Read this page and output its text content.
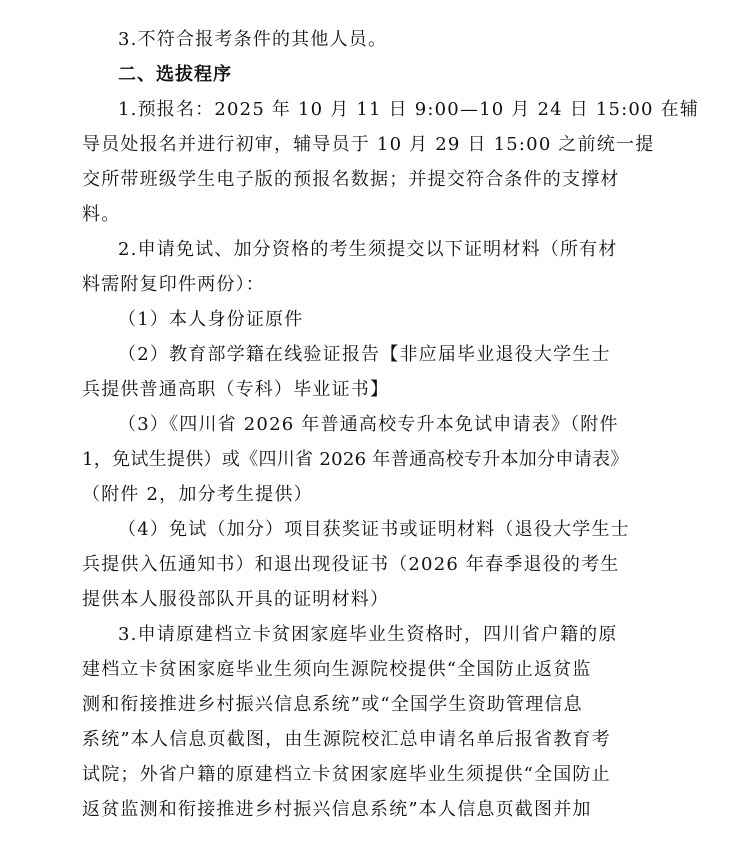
3.不符合报考条件的其他人员。
二、选拔程序
1.预报名：2025 年 10 月 11 日 9:00—10 月 24 日 15:00 在辅
导员处报名并进行初审，辅导员于 10 月 29 日 15:00 之前统一提
交所带班级学生电子版的预报名数据；并提交符合条件的支撑材
料。
2.申请免试、加分资格的考生须提交以下证明材料（所有材
料需附复印件两份）：
（1）本人身份证原件
（2）教育部学籍在线验证报告【非应届毕业退役大学生士
兵提供普通高职（专科）毕业证书】
（3）《四川省 2026 年普通高校专升本免试申请表》（附件
1，免试生提供）或《四川省 2026 年普通高校专升本加分申请表》
（附件 2，加分考生提供）
（4）免试（加分）项目获奖证书或证明材料（退役大学生士
兵提供入伍通知书）和退出现役证书（2026 年春季退役的考生
提供本人服役部队开具的证明材料）
3.申请原建档立卡贫困家庭毕业生资格时，四川省户籍的原
建档立卡贫困家庭毕业生须向生源院校提供“全国防止返贫监
测和衔接推进乡村振兴信息系统”或“全国学生资助管理信息
系统”本人信息页截图，由生源院校汇总申请名单后报省教育考
试院；外省户籍的原建档立卡贫困家庭毕业生须提供“全国防止
返贫监测和衔接推进乡村振兴信息系统”本人信息页截图并加
